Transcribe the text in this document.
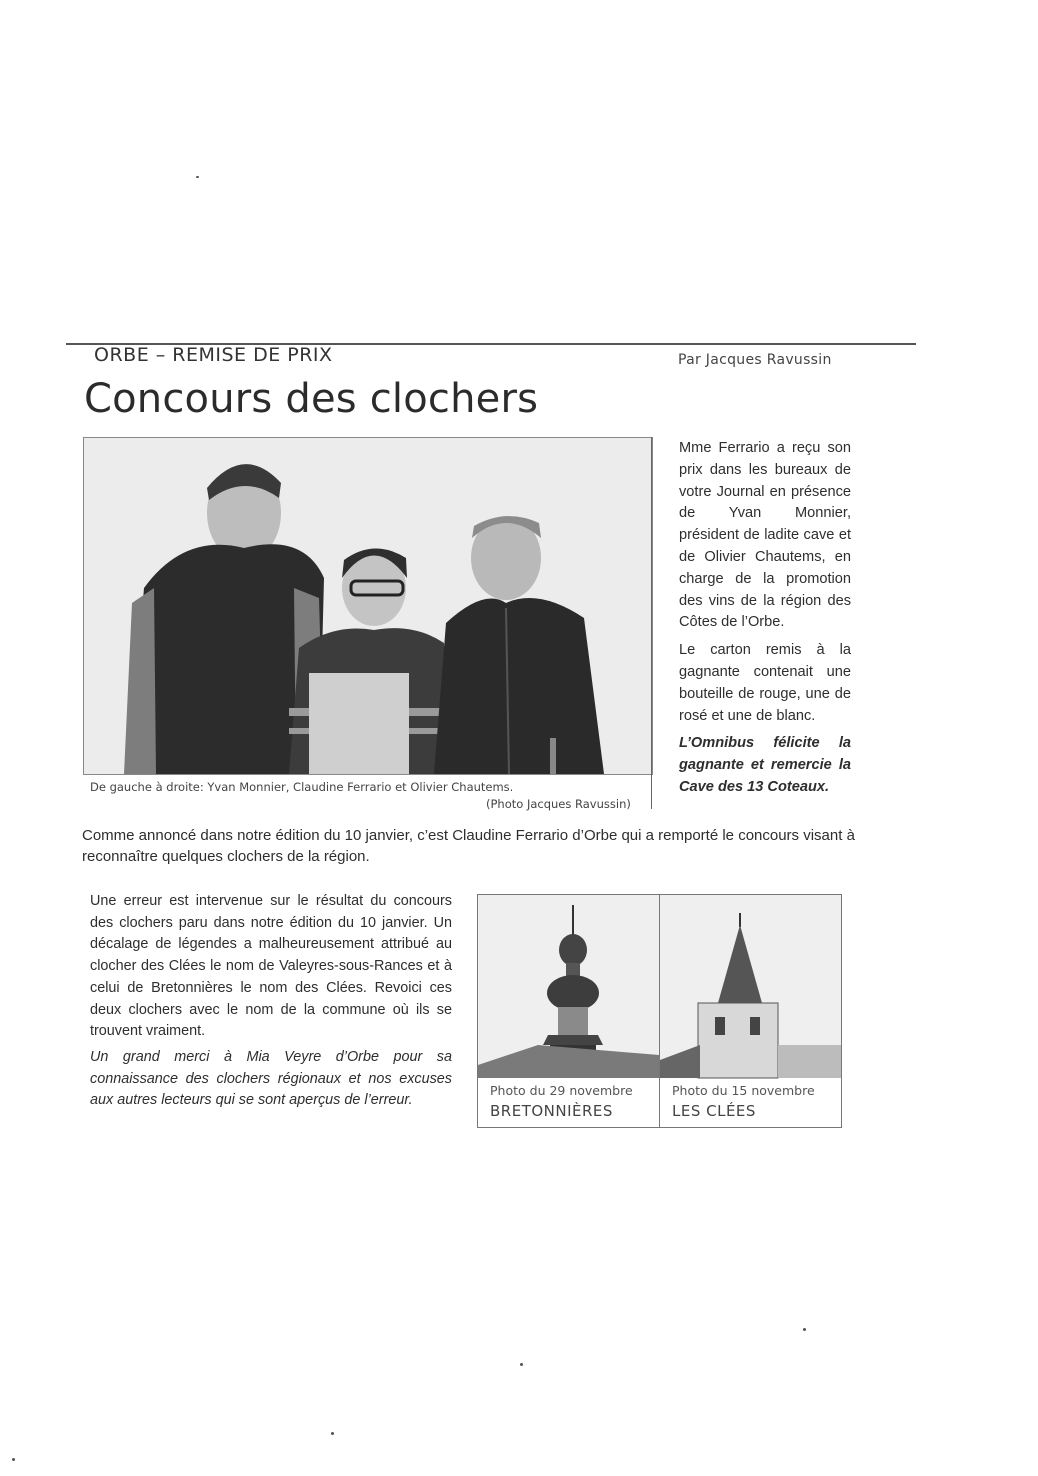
ORBE – REMISE DE PRIX	Par Jacques Ravussin
Concours des clochers
De gauche à droite: Yvan Monnier, Claudine Ferrario et Olivier Chautems.
(Photo Jacques Ravussin)

Mme Ferrario a reçu son prix dans les bureaux de votre Journal en présence de Yvan Monnier, président de ladite cave et de Olivier Chautems, en charge de la promotion des vins de la région des Côtes de l’Orbe.

Le carton remis à la gagnante contenait une bouteille de rouge, une de rosé et une de blanc.

L’Omnibus félicite la gagnante et remercie la Cave des 13 Coteaux.

Comme annoncé dans notre édition du 10 janvier, c’est Claudine Ferrario d’Orbe qui a remporté le concours visant à reconnaître quelques clochers de la région.

Une erreur est intervenue sur le résultat du concours des clochers paru dans notre édition du 10 janvier. Un décalage de légendes a malheureusement attribué au clocher des Clées le nom de Valeyres-sous-Rances et à celui de Bretonnières le nom des Clées. Revoici ces deux clochers avec le nom de la commune où ils se trouvent vraiment.

Un grand merci à Mia Veyre d’Orbe pour sa connaissance des clochers régionaux et nos excuses aux autres lecteurs qui se sont aperçus de l’erreur.

Photo du 29 novembre
BRETONNIÈRES
Photo du 15 novembre
LES CLÉES
